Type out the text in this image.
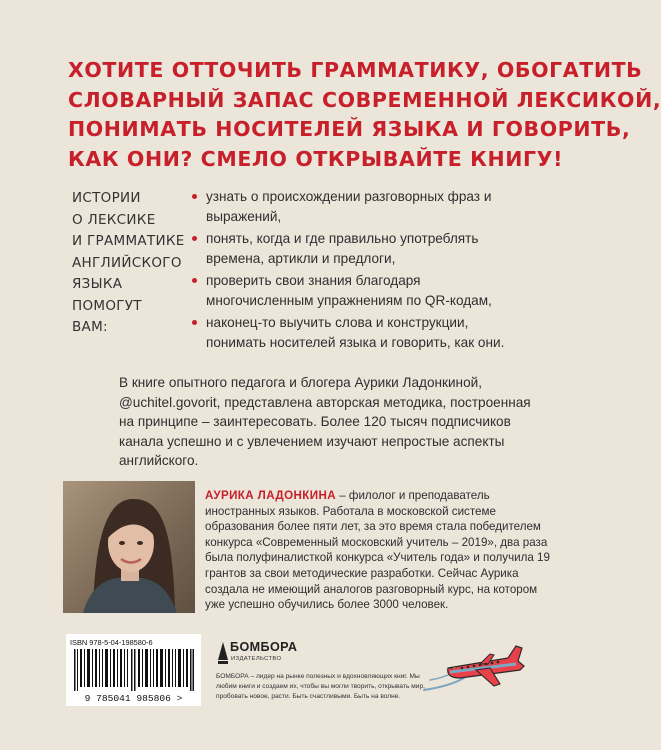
ХОТИТЕ ОТТОЧИТЬ ГРАММАТИКУ, ОБОГАТИТЬ
СЛОВАРНЫЙ ЗАПАС СОВРЕМЕННОЙ ЛЕКСИКОЙ,
ПОНИМАТЬ НОСИТЕЛЕЙ ЯЗЫКА И ГОВОРИТЬ,
КАК ОНИ? СМЕЛО ОТКРЫВАЙТЕ КНИГУ!
ИСТОРИИ
О ЛЕКСИКЕ
И ГРАММАТИКЕ
АНГЛИЙСКОГО
ЯЗЫКА
ПОМОГУТ
ВАМ:
узнать о происхождении разговорных фраз и выражений,
понять, когда и где правильно употреблять времена, артикли и предлоги,
проверить свои знания благодаря многочисленным упражнениям по QR-кодам,
наконец-то выучить слова и конструкции, понимать носителей языка и говорить, как они.

В книге опытного педагога и блогера Аурики Ладонкиной, @uchitel.govorit, представлена авторская методика, построенная на принципе – заинтересовать. Более 120 тысяч подписчиков канала успешно и с увлечением изучают непростые аспекты английского.

АУРИКА ЛАДОНКИНА – филолог и преподаватель иностранных языков. Работала в московской системе образования более пяти лет, за это время стала победителем конкурса «Современный московский учитель – 2019», два раза была полуфиналисткой конкурса «Учитель года» и получила 19 грантов за свои методические разработки. Сейчас Аурика создала не имеющий аналогов разговорный курс, на котором уже успешно обучились более 3000 человек.

ISBN 978-5-04-198580-6
9 785041 985806 >
БОМБОРА
ИЗДАТЕЛЬСТВО

БОМБОРА – лидер на рынке полезных и вдохновляющих книг. Мы любим книги и создаем их, чтобы вы могли творить, открывать мир, пробовать новое, расти. Быть счастливыми. Быть на волне.
